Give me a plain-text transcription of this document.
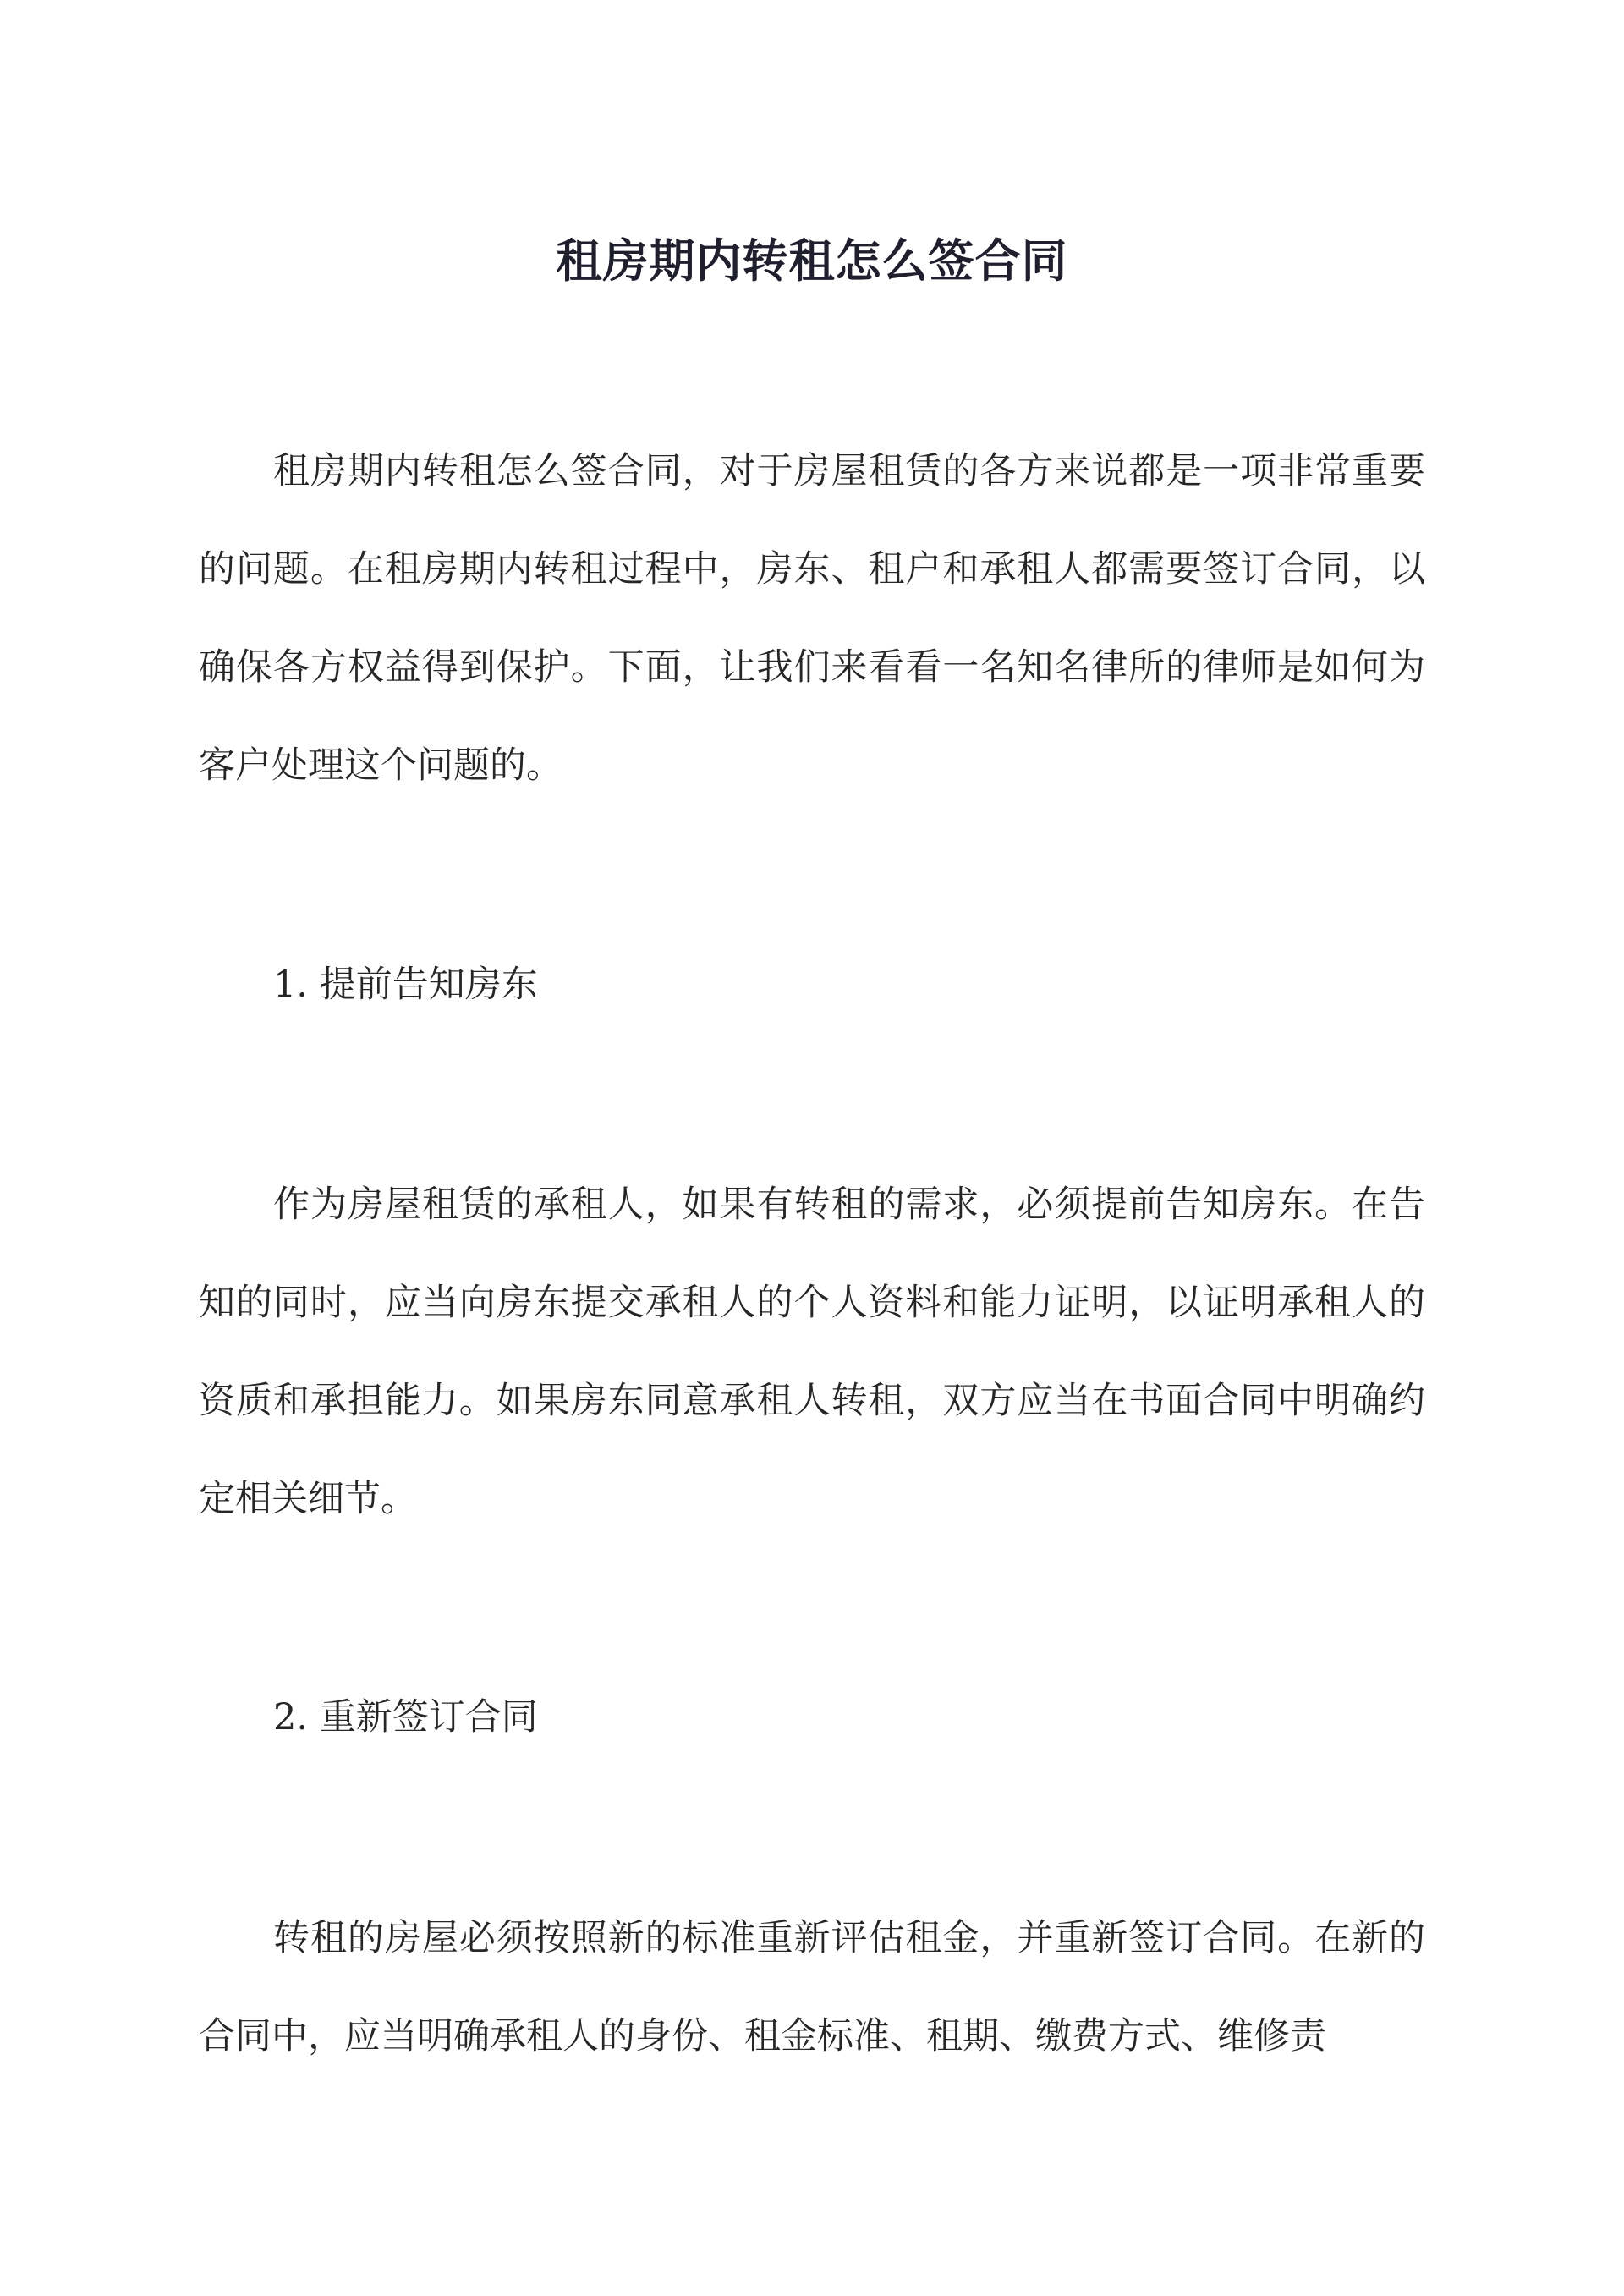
租房期内转租怎么签合同

租房期内转租怎么签合同，对于房屋租赁的各方来说都是一项非常重要的问题。在租房期内转租过程中，房东、租户和承租人都需要签订合同，以确保各方权益得到保护。下面，让我们来看看一名知名律所的律师是如何为客户处理这个问题的。

1. 提前告知房东

作为房屋租赁的承租人，如果有转租的需求，必须提前告知房东。在告知的同时，应当向房东提交承租人的个人资料和能力证明，以证明承租人的资质和承担能力。如果房东同意承租人转租，双方应当在书面合同中明确约定相关细节。

2. 重新签订合同

转租的房屋必须按照新的标准重新评估租金，并重新签订合同。在新的合同中，应当明确承租人的身份、租金标准、租期、缴费方式、维修责
